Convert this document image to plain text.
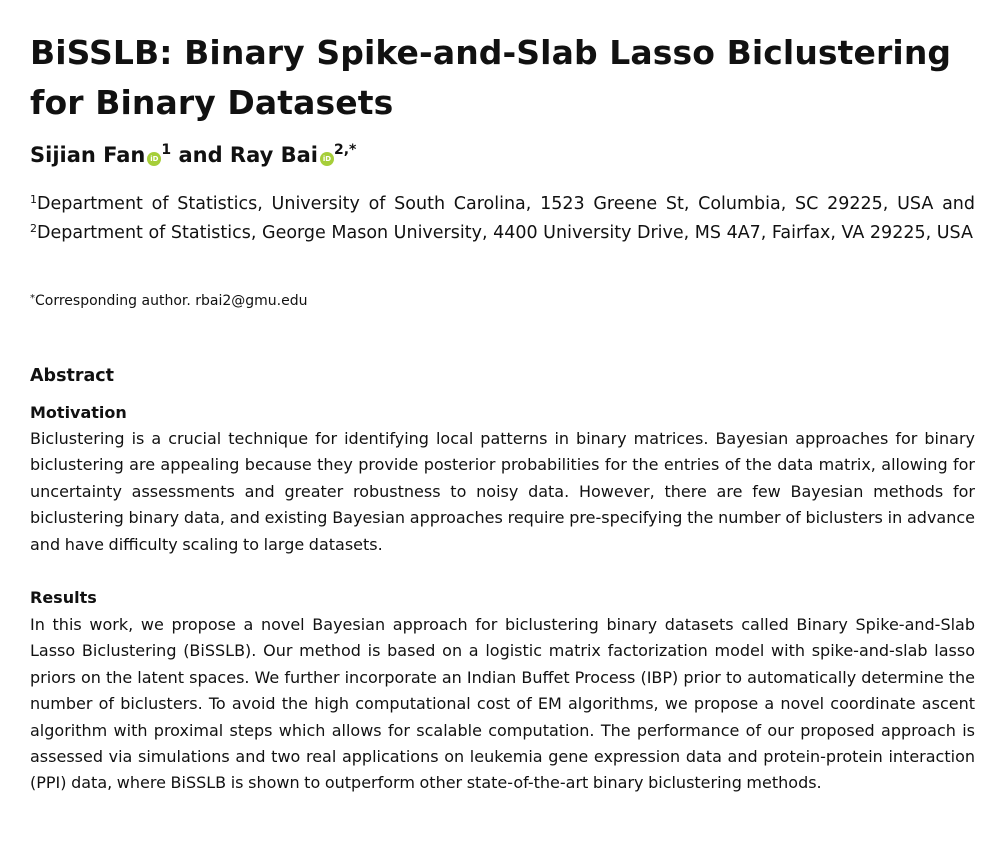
BiSSLB: Binary Spike-and-Slab Lasso Biclustering for Binary Datasets
Sijian Fan $iD^1$ and Ray Bai $iD^{2,*}$
$^1$Department of Statistics, University of South Carolina, 1523 Greene St, Columbia, SC 29225, USA and $^2$Department of Statistics, George Mason University, 4400 University Drive, MS 4A7, Fairfax, VA 29225, USA
*Corresponding author. rbai2@gmu.edu
Abstract
Motivation

Biclustering is a crucial technique for identifying local patterns in binary matrices. Bayesian approaches for binary biclustering are appealing because they provide posterior probabilities for the entries of the data matrix, allowing for uncertainty assessments and greater robustness to noisy data. However, there are few Bayesian methods for biclustering binary data, and existing Bayesian approaches require pre-specifying the number of biclusters in advance and have difficulty scaling to large datasets.

Results

In this work, we propose a novel Bayesian approach for biclustering binary datasets called Binary Spike-and-Slab Lasso Biclustering (BiSSLB). Our method is based on a logistic matrix factorization model with spike-and-slab lasso priors on the latent spaces. We further incorporate an Indian Buffet Process (IBP) prior to automatically determine the number of biclusters. To avoid the high computational cost of EM algorithms, we propose a novel coordinate ascent algorithm with proximal steps which allows for scalable computation. The performance of our proposed approach is assessed via simulations and two real applications on leukemia gene expression data and protein-protein interaction (PPI) data, where BiSSLB is shown to outperform other state-of-the-art binary biclustering methods.
